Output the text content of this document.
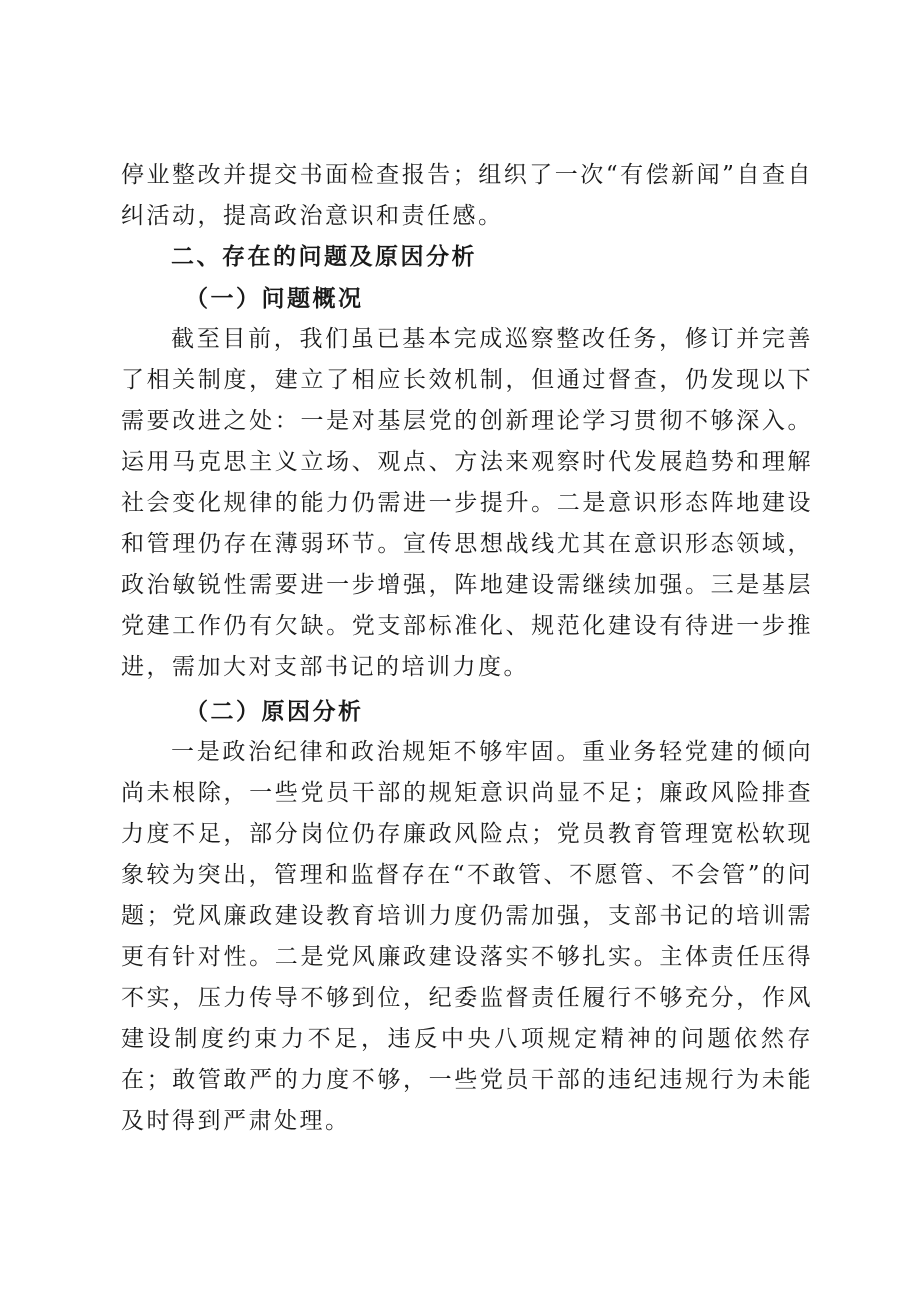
停业整改并提交书面检查报告；组织了一次“有偿新闻”自查自纠活动，提高政治意识和责任感。

二、存在的问题及原因分析

（一）问题概况

截至目前，我们虽已基本完成巡察整改任务，修订并完善了相关制度，建立了相应长效机制，但通过督查，仍发现以下需要改进之处：一是对基层党的创新理论学习贯彻不够深入。运用马克思主义立场、观点、方法来观察时代发展趋势和理解社会变化规律的能力仍需进一步提升。二是意识形态阵地建设和管理仍存在薄弱环节。宣传思想战线尤其在意识形态领域，政治敏锐性需要进一步增强，阵地建设需继续加强。三是基层党建工作仍有欠缺。党支部标准化、规范化建设有待进一步推进，需加大对支部书记的培训力度。

（二）原因分析

一是政治纪律和政治规矩不够牢固。重业务轻党建的倾向尚未根除，一些党员干部的规矩意识尚显不足；廉政风险排查力度不足，部分岗位仍存廉政风险点；党员教育管理宽松软现象较为突出，管理和监督存在“不敢管、不愿管、不会管”的问题；党风廉政建设教育培训力度仍需加强，支部书记的培训需更有针对性。二是党风廉政建设落实不够扎实。主体责任压得不实，压力传导不够到位，纪委监督责任履行不够充分，作风建设制度约束力不足，违反中央八项规定精神的问题依然存在；敢管敢严的力度不够，一些党员干部的违纪违规行为未能及时得到严肃处理。
